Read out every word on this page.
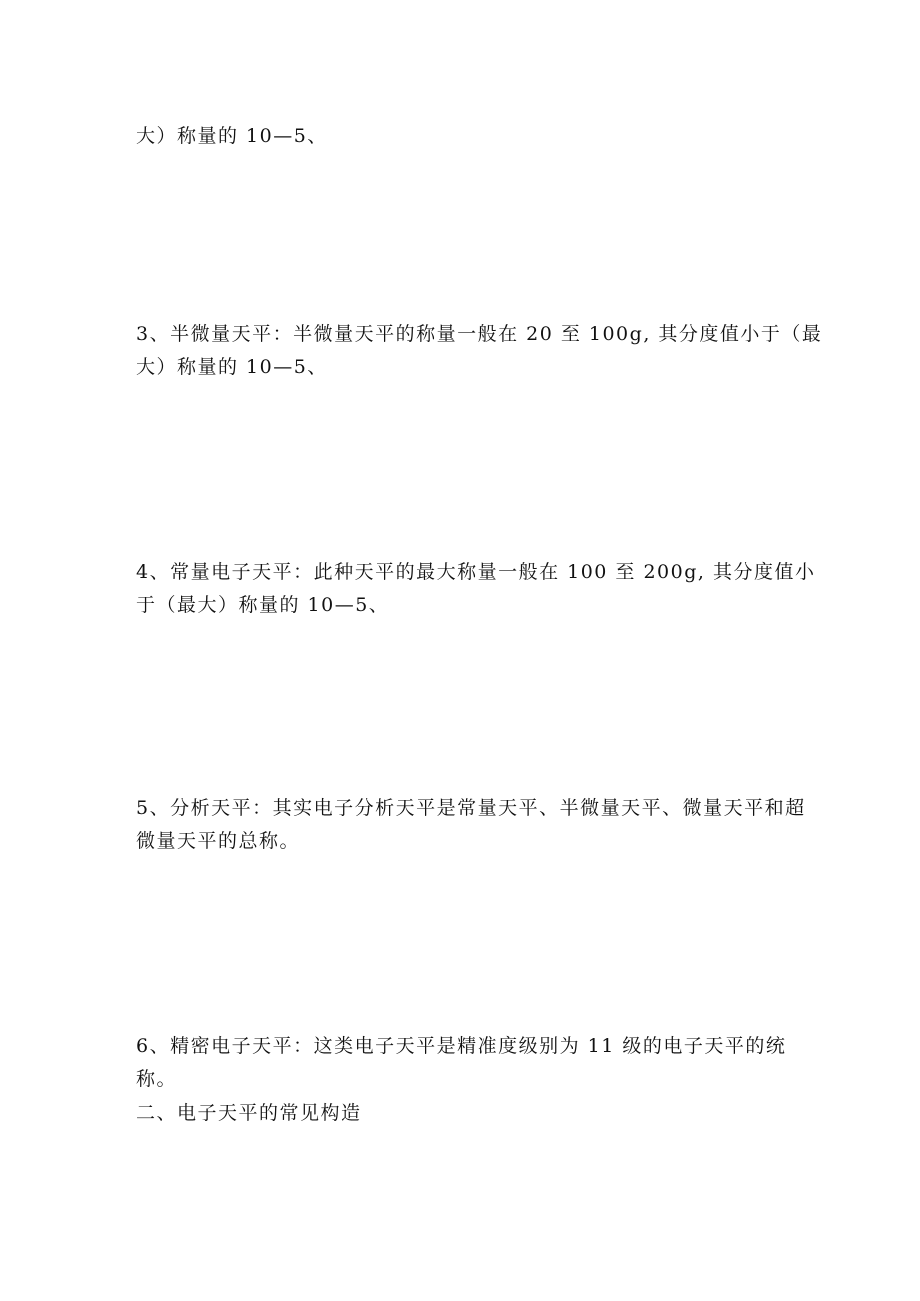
大）称量的 10—5、
3、半微量天平：半微量天平的称量一般在 20 至 100g, 其分度值小于（最
大）称量的 10—5、
4、常量电子天平：此种天平的最大称量一般在 100 至 200g, 其分度值小
于（最大）称量的 10—5、
5、分析天平：其实电子分析天平是常量天平、半微量天平、微量天平和超
微量天平的总称。
6、精密电子天平：这类电子天平是精准度级别为 11 级的电子天平的统
称。
二、电子天平的常见构造
